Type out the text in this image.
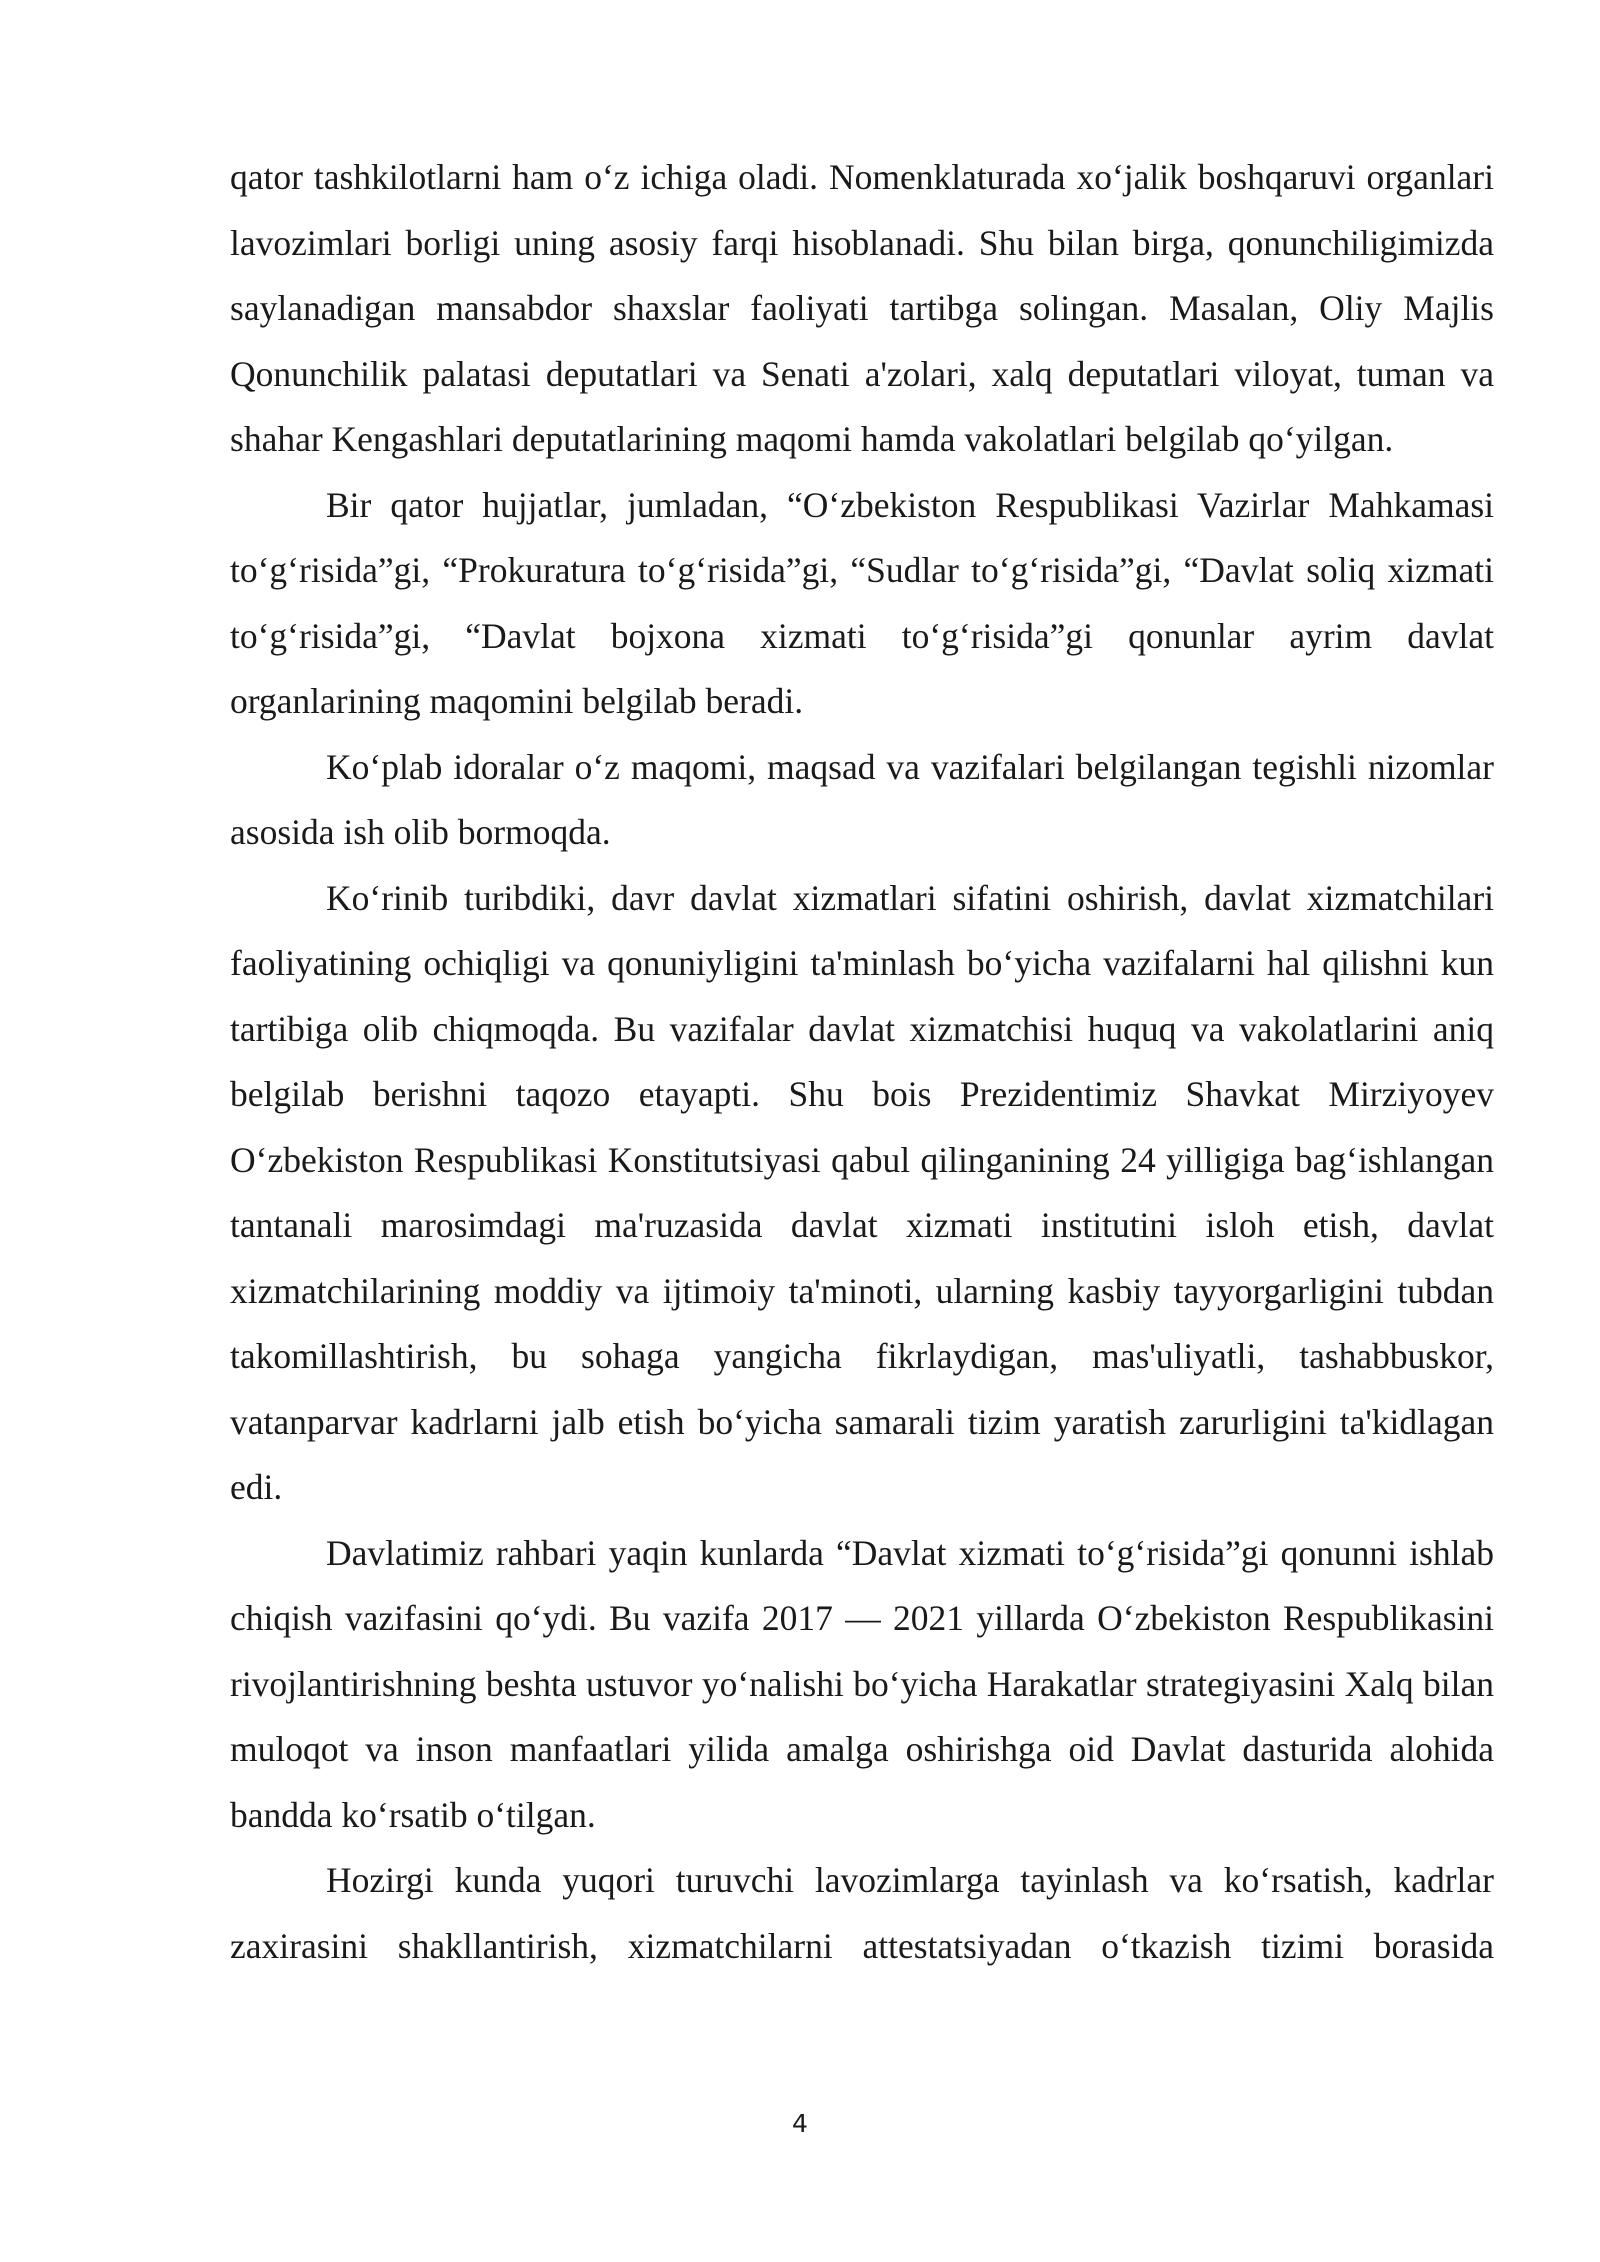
qator tashkilotlarni ham o‘z ichiga oladi. Nomenklaturada xo‘jalik boshqaruvi organlari lavozimlari borligi uning asosiy farqi hisoblanadi. Shu bilan birga, qonunchiligimizda saylanadigan mansabdor shaxslar faoliyati tartibga solingan. Masalan, Oliy Majlis Qonunchilik palatasi deputatlari va Senati a'zolari, xalq deputatlari viloyat, tuman va shahar Kengashlari deputatlarining maqomi hamda vakolatlari belgilab qo‘yilgan.

Bir qator hujjatlar, jumladan, “O‘zbekiston Respublikasi Vazirlar Mahkamasi to‘g‘risida”gi, “Prokuratura to‘g‘risida”gi, “Sudlar to‘g‘risida”gi, “Davlat soliq xizmati to‘g‘risida”gi, “Davlat bojxona xizmati to‘g‘risida”gi qonunlar ayrim davlat organlarining maqomini belgilab beradi.

Ko‘plab idoralar o‘z maqomi, maqsad va vazifalari belgilangan tegishli nizomlar asosida ish olib bormoqda.

Ko‘rinib turibdiki, davr davlat xizmatlari sifatini oshirish, davlat xizmatchilari faoliyatining ochiqligi va qonuniyligini ta'minlash bo‘yicha vazifalarni hal qilishni kun tartibiga olib chiqmoqda. Bu vazifalar davlat xizmatchisi huquq va vakolatlarini aniq belgilab berishni taqozo etayapti. Shu bois Prezidentimiz Shavkat Mirziyoyev O‘zbekiston Respublikasi Konstitutsiyasi qabul qilinganining 24 yilligiga bag‘ishlangan tantanali marosimdagi ma'ruzasida davlat xizmati institutini isloh etish, davlat xizmatchilarining moddiy va ijtimoiy ta'minoti, ularning kasbiy tayyorgarligini tubdan takomillashtirish, bu sohaga yangicha fikrlaydigan, mas'uliyatli, tashabbuskor, vatanparvar kadrlarni jalb etish bo‘yicha samarali tizim yaratish zarurligini ta'kidlagan edi.

Davlatimiz rahbari yaqin kunlarda “Davlat xizmati to‘g‘risida”gi qonunni ishlab chiqish vazifasini qo‘ydi. Bu vazifa 2017 — 2021 yillarda O‘zbekiston Respublikasini rivojlantirishning beshta ustuvor yo‘nalishi bo‘yicha Harakatlar strategiyasini Xalq bilan muloqot va inson manfaatlari yilida amalga oshirishga oid Davlat dasturida alohida bandda ko‘rsatib o‘tilgan.

Hozirgi kunda yuqori turuvchi lavozimlarga tayinlash va ko‘rsatish, kadrlar zaxirasini shakllantirish, xizmatchilarni attestatsiyadan o‘tkazish tizimi borasida

4
